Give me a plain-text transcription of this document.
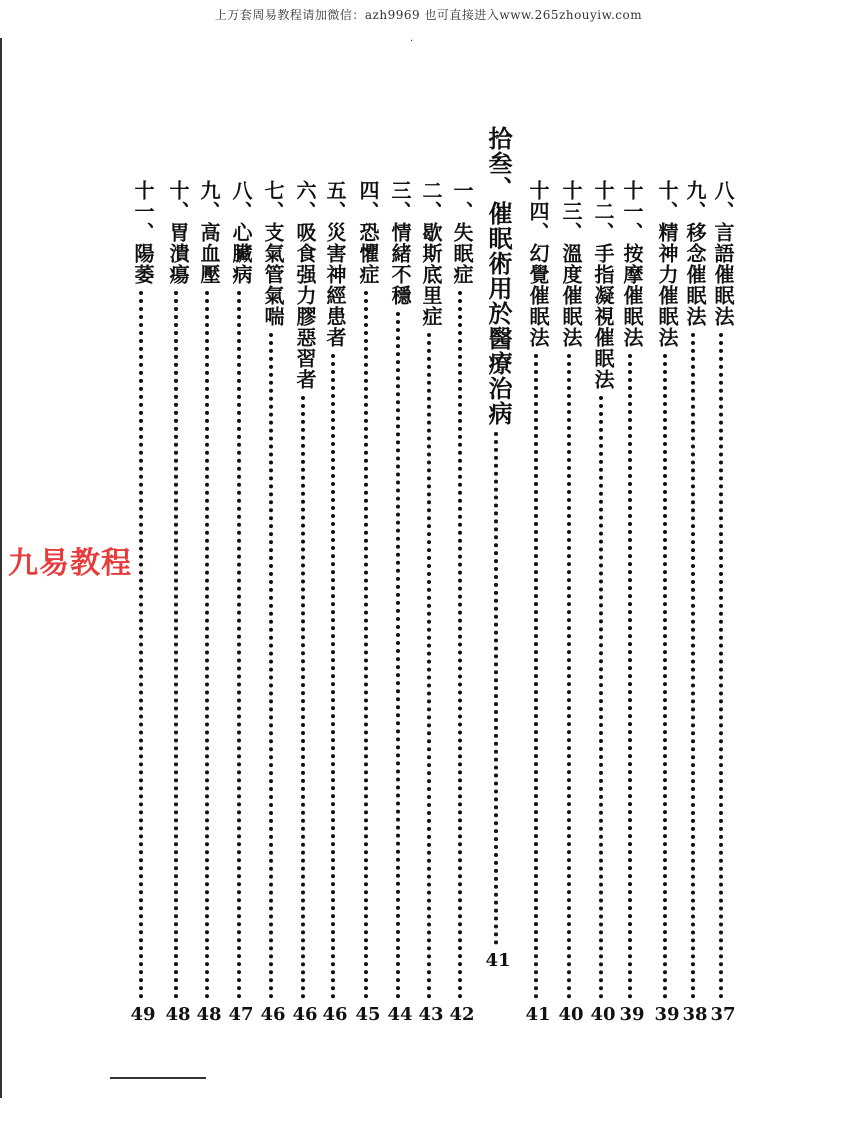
上万套周易教程请加微信：azh9969 也可直接进入www.265zhouyiw.com
.
九易教程
八、言語催眠法
37
九、移念催眠法
38
十、精神力催眠法
39
十一、按摩催眠法
39
十二、手指凝視催眠法
40
十三、溫度催眠法
40
十四、幻覺催眠法
41
拾叁、催眠術用於醫療治病
41
一、失眠症
42
二、歇斯底里症
43
三、情緒不穩
44
四、恐懼症
45
五、災害神經患者
46
六、吸食强力膠惡習者
46
七、支氣管氣喘
46
八、心臟病
47
九、高血壓
48
十、胃潰瘍
48
十一、陽萎
49
